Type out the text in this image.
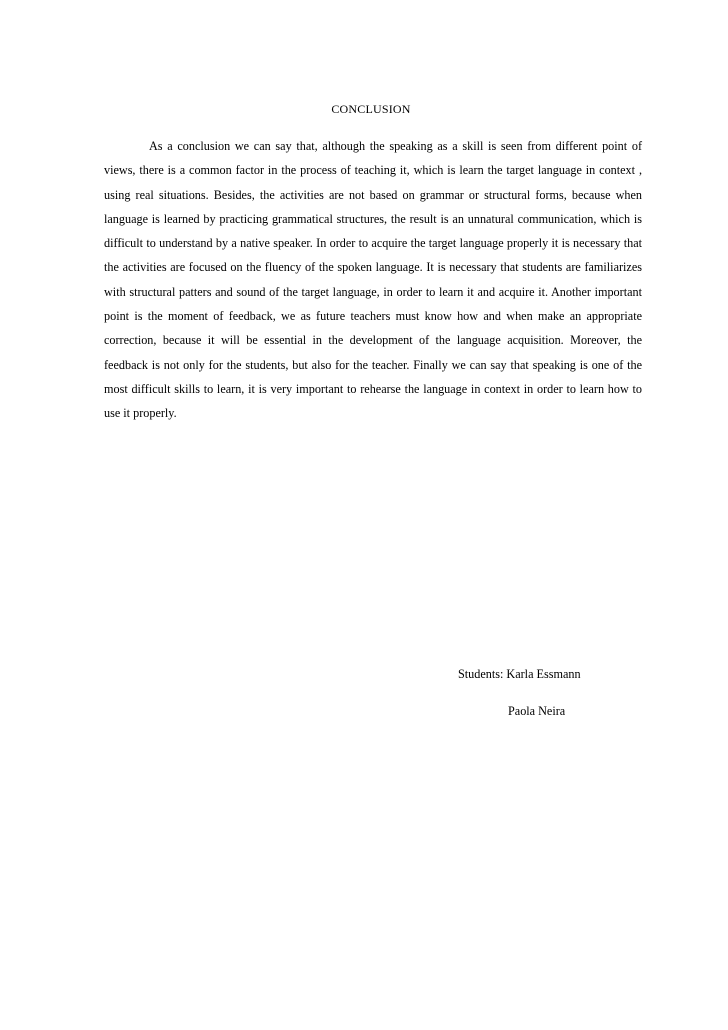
CONCLUSION

As a conclusion we can say that, although the speaking as a skill is seen from different point of views, there is a common factor in the process of teaching it, which is learn the target language in context , using real situations. Besides, the activities are not based on grammar or structural forms, because when language is learned by practicing grammatical structures, the result is an unnatural communication, which is difficult to understand by a native speaker. In order to acquire the target language properly it is necessary that the activities are focused on the fluency of the spoken language. It is necessary that students are familiarizes with structural patters and sound of the target language, in order to learn it and acquire it. Another important point is the moment of feedback, we as future teachers must know how and when make an appropriate correction, because it will be essential in the development of the language acquisition. Moreover, the feedback is not only for the students, but also for the teacher. Finally we can say that speaking is one of the most difficult skills to learn, it is very important to rehearse the language in context in order to learn how to use it properly.

Students: Karla Essmann
Paola Neira
